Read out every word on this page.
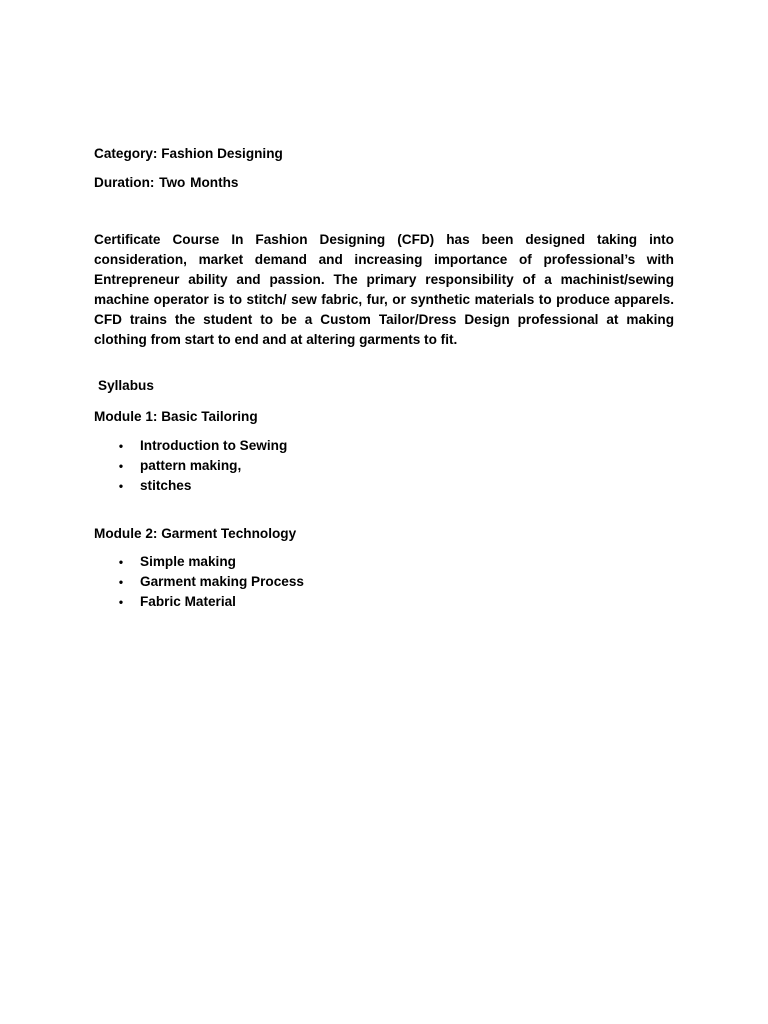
Category: Fashion Designing
Duration: Two Months

Certificate Course In Fashion Designing (CFD) has been designed taking into consideration, market demand and increasing importance of professional’s with Entrepreneur ability and passion. The primary responsibility of a machinist/sewing machine operator is to stitch/ sew fabric, fur, or synthetic materials to produce apparels. CFD trains the student to be a Custom Tailor/Dress Design professional at making clothing from start to end and at altering garments to fit.

Syllabus
Module 1: Basic Tailoring
• Introduction to Sewing
• pattern making,
• stitches
Module 2: Garment Technology
• Simple making
• Garment making Process
• Fabric Material
